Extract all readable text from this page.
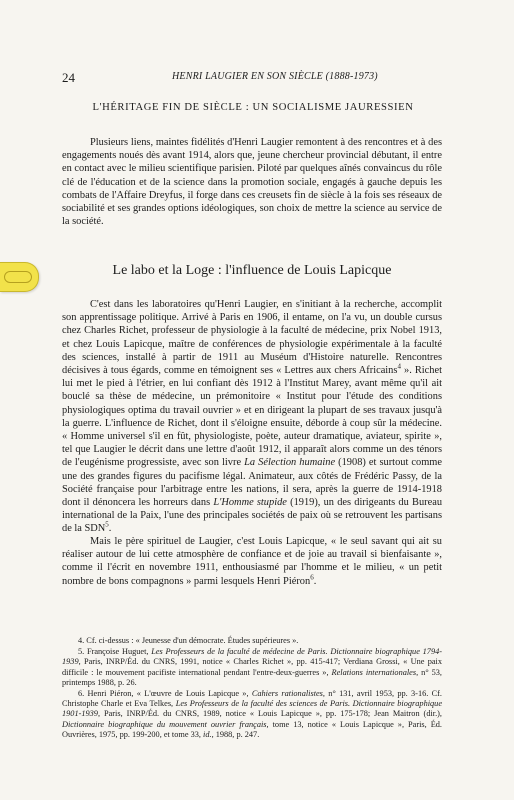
24	HENRI LAUGIER EN SON SIÈCLE (1888-1973)
L'HÉRITAGE FIN DE SIÈCLE : UN SOCIALISME JAURESSIEN

Plusieurs liens, maintes fidélités d'Henri Laugier remontent à des rencontres et à des engagements noués dès avant 1914, alors que, jeune chercheur provincial débutant, il entre en contact avec le milieu scientifique parisien. Piloté par quelques aînés convaincus du rôle clé de l'éducation et de la science dans la promotion sociale, engagés à gauche depuis les combats de l'Affaire Dreyfus, il forge dans ces creusets fin de siècle à la fois ses réseaux de sociabilité et ses grandes options idéologiques, son choix de mettre la science au service de la société.

Le labo et la Loge : l'influence de Louis Lapicque

C'est dans les laboratoires qu'Henri Laugier, en s'initiant à la recherche, accomplit son apprentissage politique. Arrivé à Paris en 1906, il entame, on l'a vu, un double cursus chez Charles Richet, professeur de physiologie à la faculté de médecine, prix Nobel 1913, et chez Louis Lapicque, maître de conférences de physiologie expérimentale à la faculté des sciences, installé à partir de 1911 au Muséum d'Histoire naturelle. Rencontres décisives à tous égards, comme en témoignent ses « Lettres aux chers Africains$^4$ ». Richet lui met le pied à l'étrier, en lui confiant dès 1912 à l'Institut Marey, avant même qu'il ait bouclé sa thèse de médecine, un prémonitoire « Institut pour l'étude des conditions physiologiques optima du travail ouvrier » et en dirigeant la plupart de ses travaux jusqu'à la guerre. L'influence de Richet, dont il s'éloigne ensuite, déborde à coup sûr la médecine. « Homme universel s'il en fût, physiologiste, poète, auteur dramatique, aviateur, spirite », tel que Laugier le décrit dans une lettre d'août 1912, il apparaît alors comme un des ténors de l'eugénisme progressiste, avec son livre La Sélection humaine (1908) et surtout comme une des grandes figures du pacifisme légal. Animateur, aux côtés de Frédéric Passy, de la Société française pour l'arbitrage entre les nations, il sera, après la guerre de 1914-1918 dont il dénoncera les horreurs dans L'Homme stupide (1919), un des dirigeants du Bureau international de la Paix, l'une des principales sociétés de paix où se retrouvent les partisans de la SDN$^5$.

Mais le père spirituel de Laugier, c'est Louis Lapicque, « le seul savant qui ait su réaliser autour de lui cette atmosphère de confiance et de joie au travail si bienfaisante », comme il l'écrit en novembre 1911, enthousiasmé par l'homme et le milieu, « un petit nombre de bons compagnons » parmi lesquels Henri Piéron$^6$.

4. Cf. ci-dessus : « Jeunesse d'un démocrate. Études supérieures ».

5. Françoise Huguet, Les Professeurs de la faculté de médecine de Paris. Dictionnaire biographique 1794-1939, Paris, INRP/Éd. du CNRS, 1991, notice « Charles Richet », pp. 415-417; Verdiana Grossi, « Une paix difficile : le mouvement pacifiste international pendant l'entre-deux-guerres », Relations internationales, n° 53, printemps 1988, p. 26.

6. Henri Piéron, « L'œuvre de Louis Lapicque », Cahiers rationalistes, n° 131, avril 1953, pp. 3-16. Cf. Christophe Charle et Eva Telkes, Les Professeurs de la faculté des sciences de Paris. Dictionnaire biographique 1901-1939, Paris, INRP/Éd. du CNRS, 1989, notice « Louis Lapicque », pp. 175-178; Jean Maitron (dir.), Dictionnaire biographique du mouvement ouvrier français, tome 13, notice « Louis Lapicque », Paris, Éd. Ouvrières, 1975, pp. 199-200, et tome 33, id., 1988, p. 247.
